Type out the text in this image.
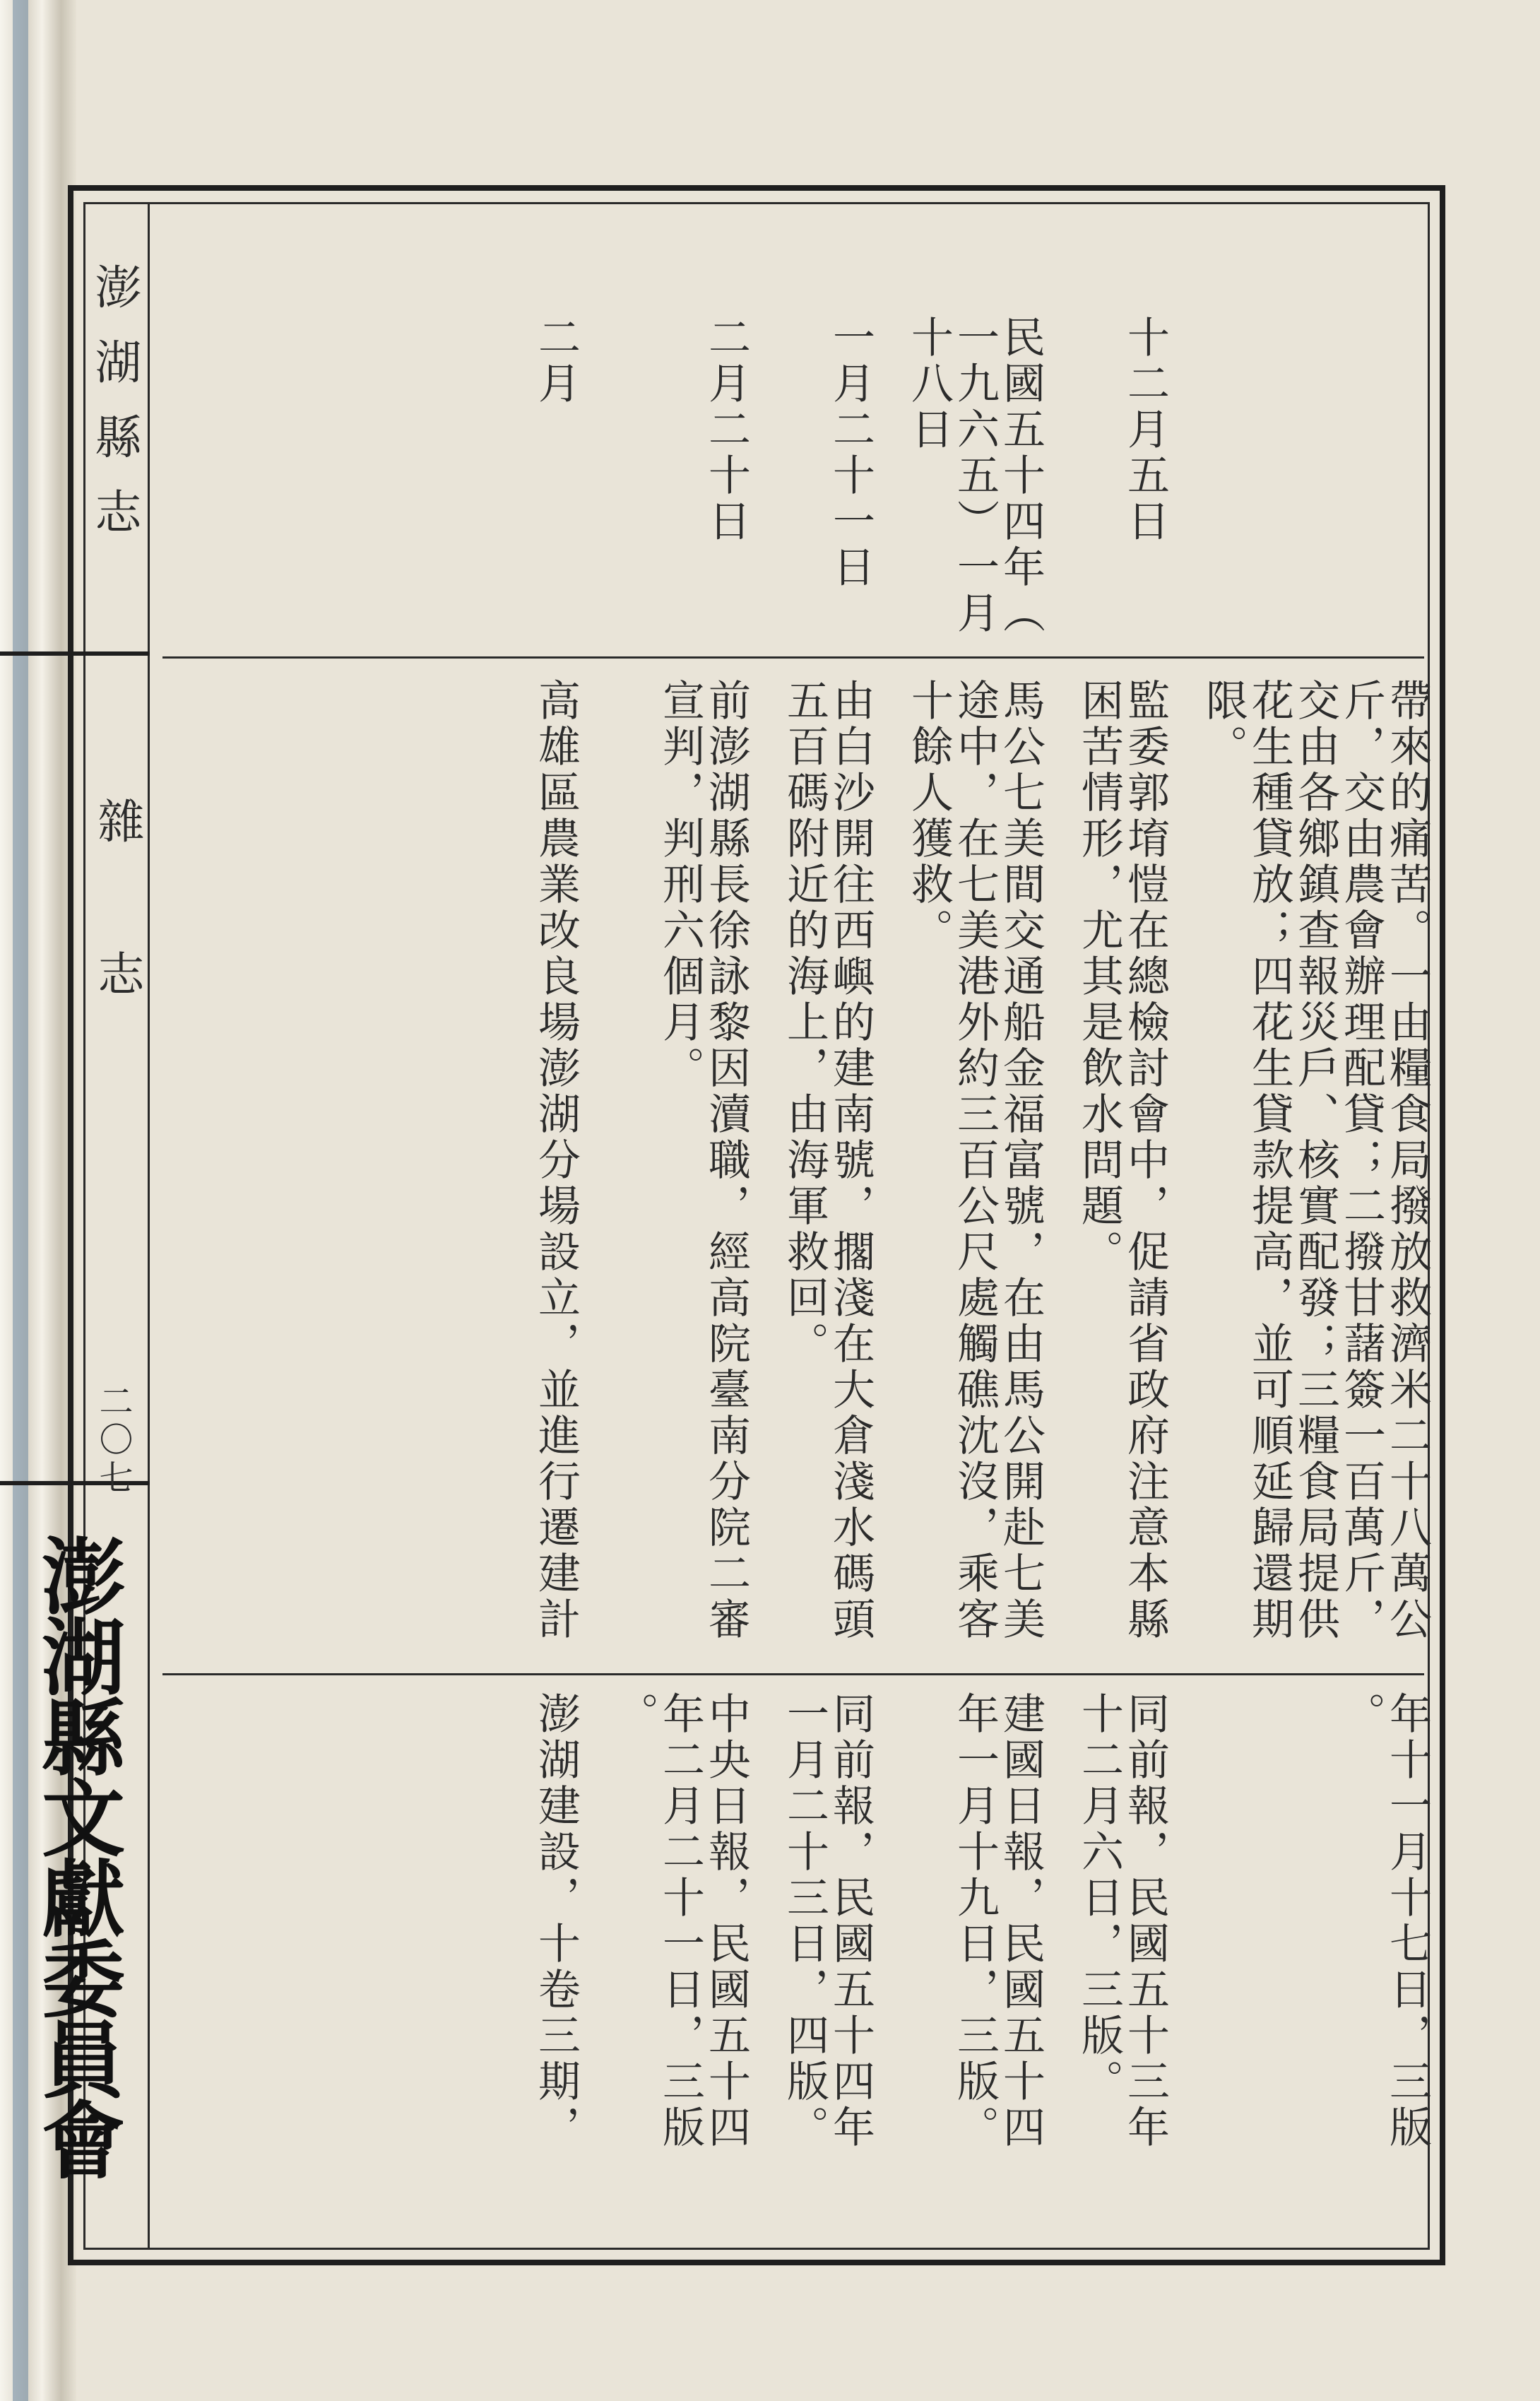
澎湖縣志
雜志
二〇七
澎湖縣文獻委員會
帶來的痛苦。一由糧食局撥放救濟米二十八萬公
斤，交由農會辦理配貸；二撥甘藷簽一百萬斤，
交由各鄉鎮查報災戶、核實配發；三糧食局提供
花生種貸放；四花生貸款提高，並可順延歸還期
限。
年十一月十七日，三版
。
十二月五日
監委郭堉愷在總檢討會中，促請省政府注意本縣
困苦情形，尤其是飲水問題。
同前報，民國五十三年
十二月六日，三版。
民國五十四年（
一九六五）一月
十八日
馬公七美間交通船金福富號，在由馬公開赴七美
途中，在七美港外約三百公尺處觸礁沈沒，乘客
十餘人獲救。
建國日報，民國五十四
年一月十九日，三版。
一月二十一日
由白沙開往西嶼的建南號，擱淺在大倉淺水碼頭
五百碼附近的海上，由海軍救回。
同前報，民國五十四年
一月二十三日，四版。
二月二十日
前澎湖縣長徐詠黎因瀆職，經高院臺南分院二審
宣判，判刑六個月。
中央日報，民國五十四
年二月二十一日，三版
。
二月
高雄區農業改良場澎湖分場設立，並進行遷建計
澎湖建設，十卷三期，
